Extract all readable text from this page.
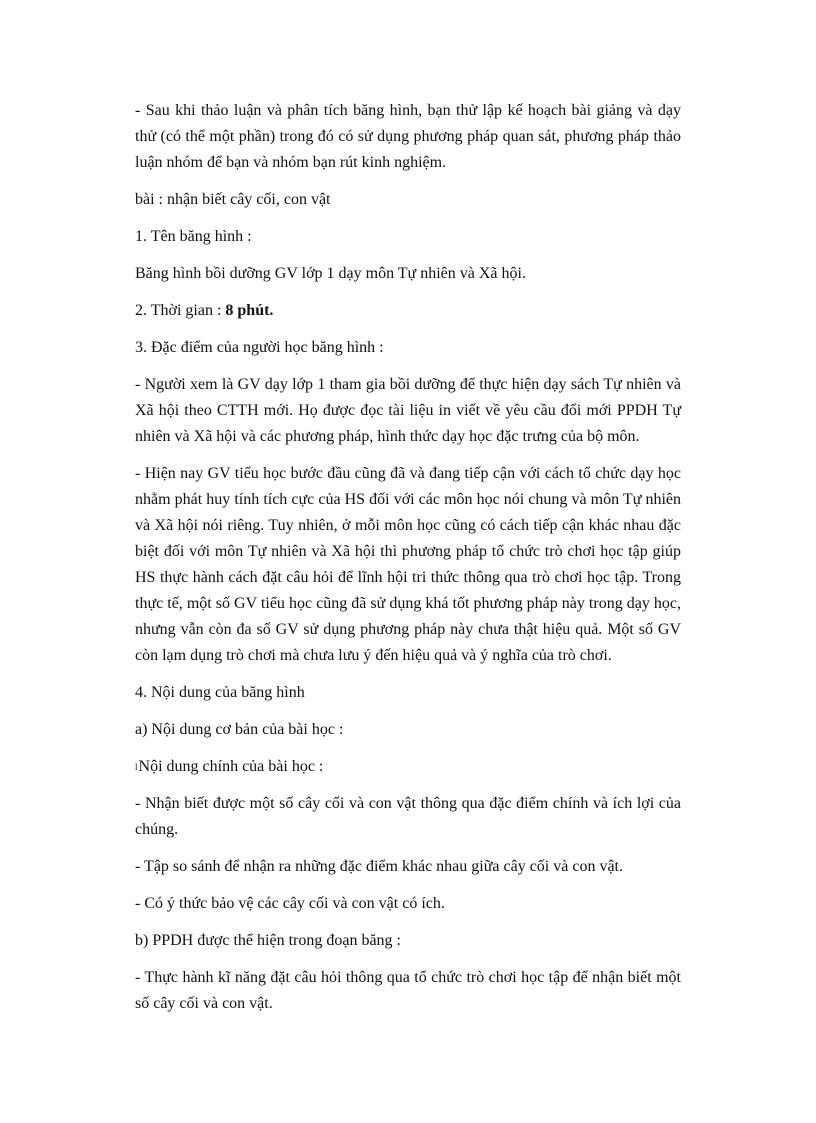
- Sau khi thảo luận và phân tích băng hình, bạn thử lập kế hoạch bài giảng và dạy thử (có thể một phần) trong đó có sử dụng phương pháp quan sát, phương pháp thảo luận nhóm để bạn và nhóm bạn rút kinh nghiệm.

bài : nhận biết cây cối, con vật

1. Tên băng hình :

Băng hình bồi dưỡng GV lớp 1 dạy môn Tự nhiên và Xã hội.

2. Thời gian : 8 phút.

3. Đặc điểm của người học băng hình :

- Người xem là GV dạy lớp 1 tham gia bồi dưỡng để thực hiện dạy sách Tự nhiên và Xã hội theo CTTH mới. Họ được đọc tài liệu in viết về yêu cầu đổi mới PPDH Tự nhiên và Xã hội và các phương pháp, hình thức dạy học đặc trưng của bộ môn.

- Hiện nay GV tiểu học bước đầu cũng đã và đang tiếp cận với cách tổ chức dạy học nhằm phát huy tính tích cực của HS đối với các môn học nói chung và môn Tự nhiên và Xã hội nói riêng. Tuy nhiên, ở mỗi môn học cũng có cách tiếp cận khác nhau đặc biệt đối với môn Tự nhiên và Xã hội thì phương pháp tổ chức trò chơi học tập giúp HS thực hành cách đặt câu hỏi để lĩnh hội tri thức thông qua trò chơi học tập. Trong thực tế, một số GV tiểu học cũng đã sử dụng khá tốt phương pháp này trong dạy học, nhưng vẫn còn đa số GV sử dụng phương pháp này chưa thật hiệu quả. Một số GV còn lạm dụng trò chơi mà chưa lưu ý đến hiệu quả và ý nghĩa của trò chơi.

4. Nội dung của băng hình

a) Nội dung cơ bản của bài học :

lNội dung chính của bài học :

- Nhận biết được một số cây cối và con vật thông qua đặc điểm chính và ích lợi của chúng.

- Tập so sánh để nhận ra những đặc điểm khác nhau giữa cây cối và con vật.

- Có ý thức bảo vệ các cây cối và con vật có ích.

b) PPDH được thể hiện trong đoạn băng :

- Thực hành kĩ năng đặt câu hỏi thông qua tổ chức trò chơi học tập để nhận biết một số cây cối và con vật.
